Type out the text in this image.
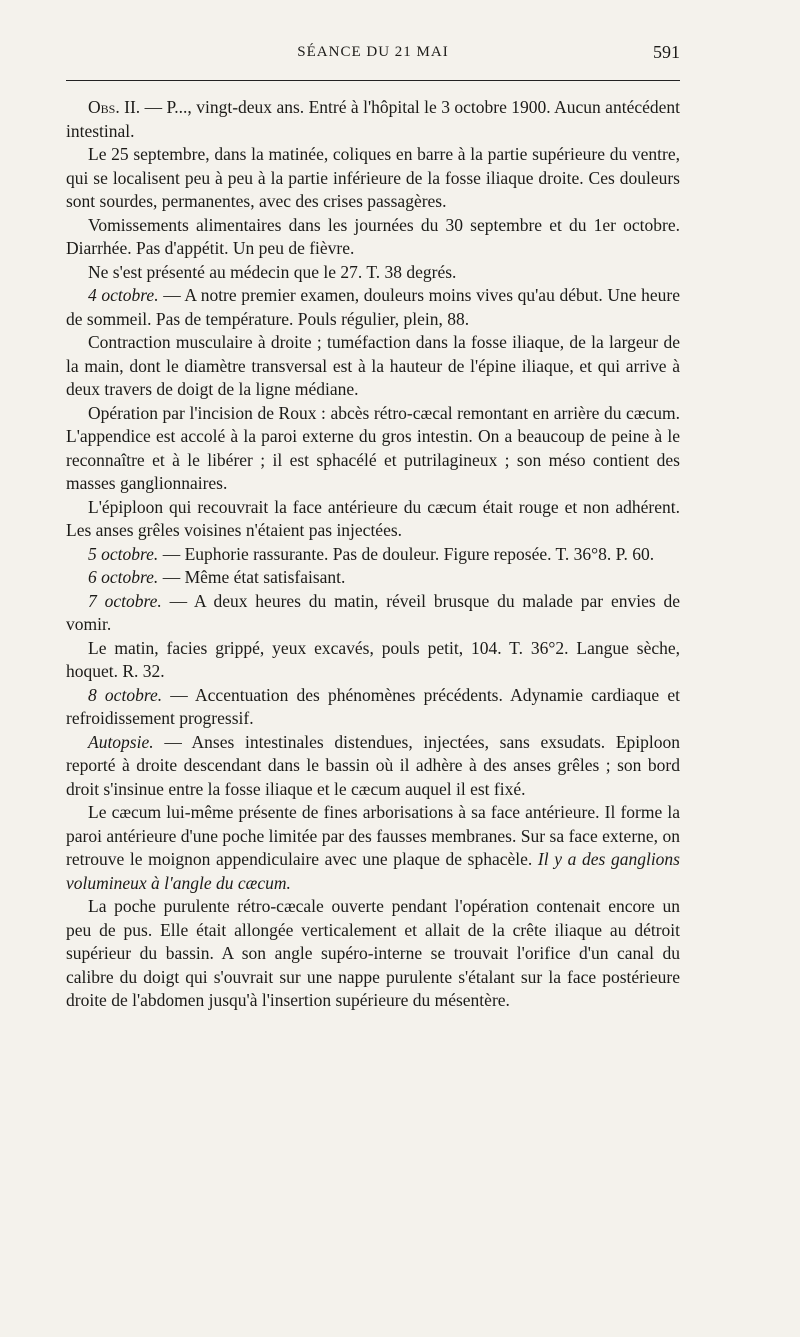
SÉANCE DU 21 MAI	591

Obs. II. — P..., vingt-deux ans. Entré à l'hôpital le 3 octobre 1900. Aucun antécédent intestinal.

Le 25 septembre, dans la matinée, coliques en barre à la partie supérieure du ventre, qui se localisent peu à peu à la partie inférieure de la fosse iliaque droite. Ces douleurs sont sourdes, permanentes, avec des crises passagères.

Vomissements alimentaires dans les journées du 30 septembre et du 1er octobre. Diarrhée. Pas d'appétit. Un peu de fièvre.

Ne s'est présenté au médecin que le 27. T. 38 degrés.

4 octobre. — A notre premier examen, douleurs moins vives qu'au début. Une heure de sommeil. Pas de température. Pouls régulier, plein, 88.

Contraction musculaire à droite ; tuméfaction dans la fosse iliaque, de la largeur de la main, dont le diamètre transversal est à la hauteur de l'épine iliaque, et qui arrive à deux travers de doigt de la ligne médiane.

Opération par l'incision de Roux : abcès rétro-cæcal remontant en arrière du cæcum. L'appendice est accolé à la paroi externe du gros intestin. On a beaucoup de peine à le reconnaître et à le libérer ; il est sphacélé et putrilagineux ; son méso contient des masses ganglionnaires.

L'épiploon qui recouvrait la face antérieure du cæcum était rouge et non adhérent. Les anses grêles voisines n'étaient pas injectées.

5 octobre. — Euphorie rassurante. Pas de douleur. Figure reposée. T. 36°8. P. 60.

6 octobre. — Même état satisfaisant.

7 octobre. — A deux heures du matin, réveil brusque du malade par envies de vomir.

Le matin, facies grippé, yeux excavés, pouls petit, 104. T. 36°2. Langue sèche, hoquet. R. 32.

8 octobre. — Accentuation des phénomènes précédents. Adynamie cardiaque et refroidissement progressif.

Autopsie. — Anses intestinales distendues, injectées, sans exsudats. Epiploon reporté à droite descendant dans le bassin où il adhère à des anses grêles ; son bord droit s'insinue entre la fosse iliaque et le cæcum auquel il est fixé.

Le cæcum lui-même présente de fines arborisations à sa face antérieure. Il forme la paroi antérieure d'une poche limitée par des fausses membranes. Sur sa face externe, on retrouve le moignon appendiculaire avec une plaque de sphacèle. Il y a des ganglions volumineux à l'angle du cæcum.

La poche purulente rétro-cæcale ouverte pendant l'opération contenait encore un peu de pus. Elle était allongée verticalement et allait de la crête iliaque au détroit supérieur du bassin. A son angle supéro-interne se trouvait l'orifice d'un canal du calibre du doigt qui s'ouvrait sur une nappe purulente s'étalant sur la face postérieure droite de l'abdomen jusqu'à l'insertion supérieure du mésentère.
